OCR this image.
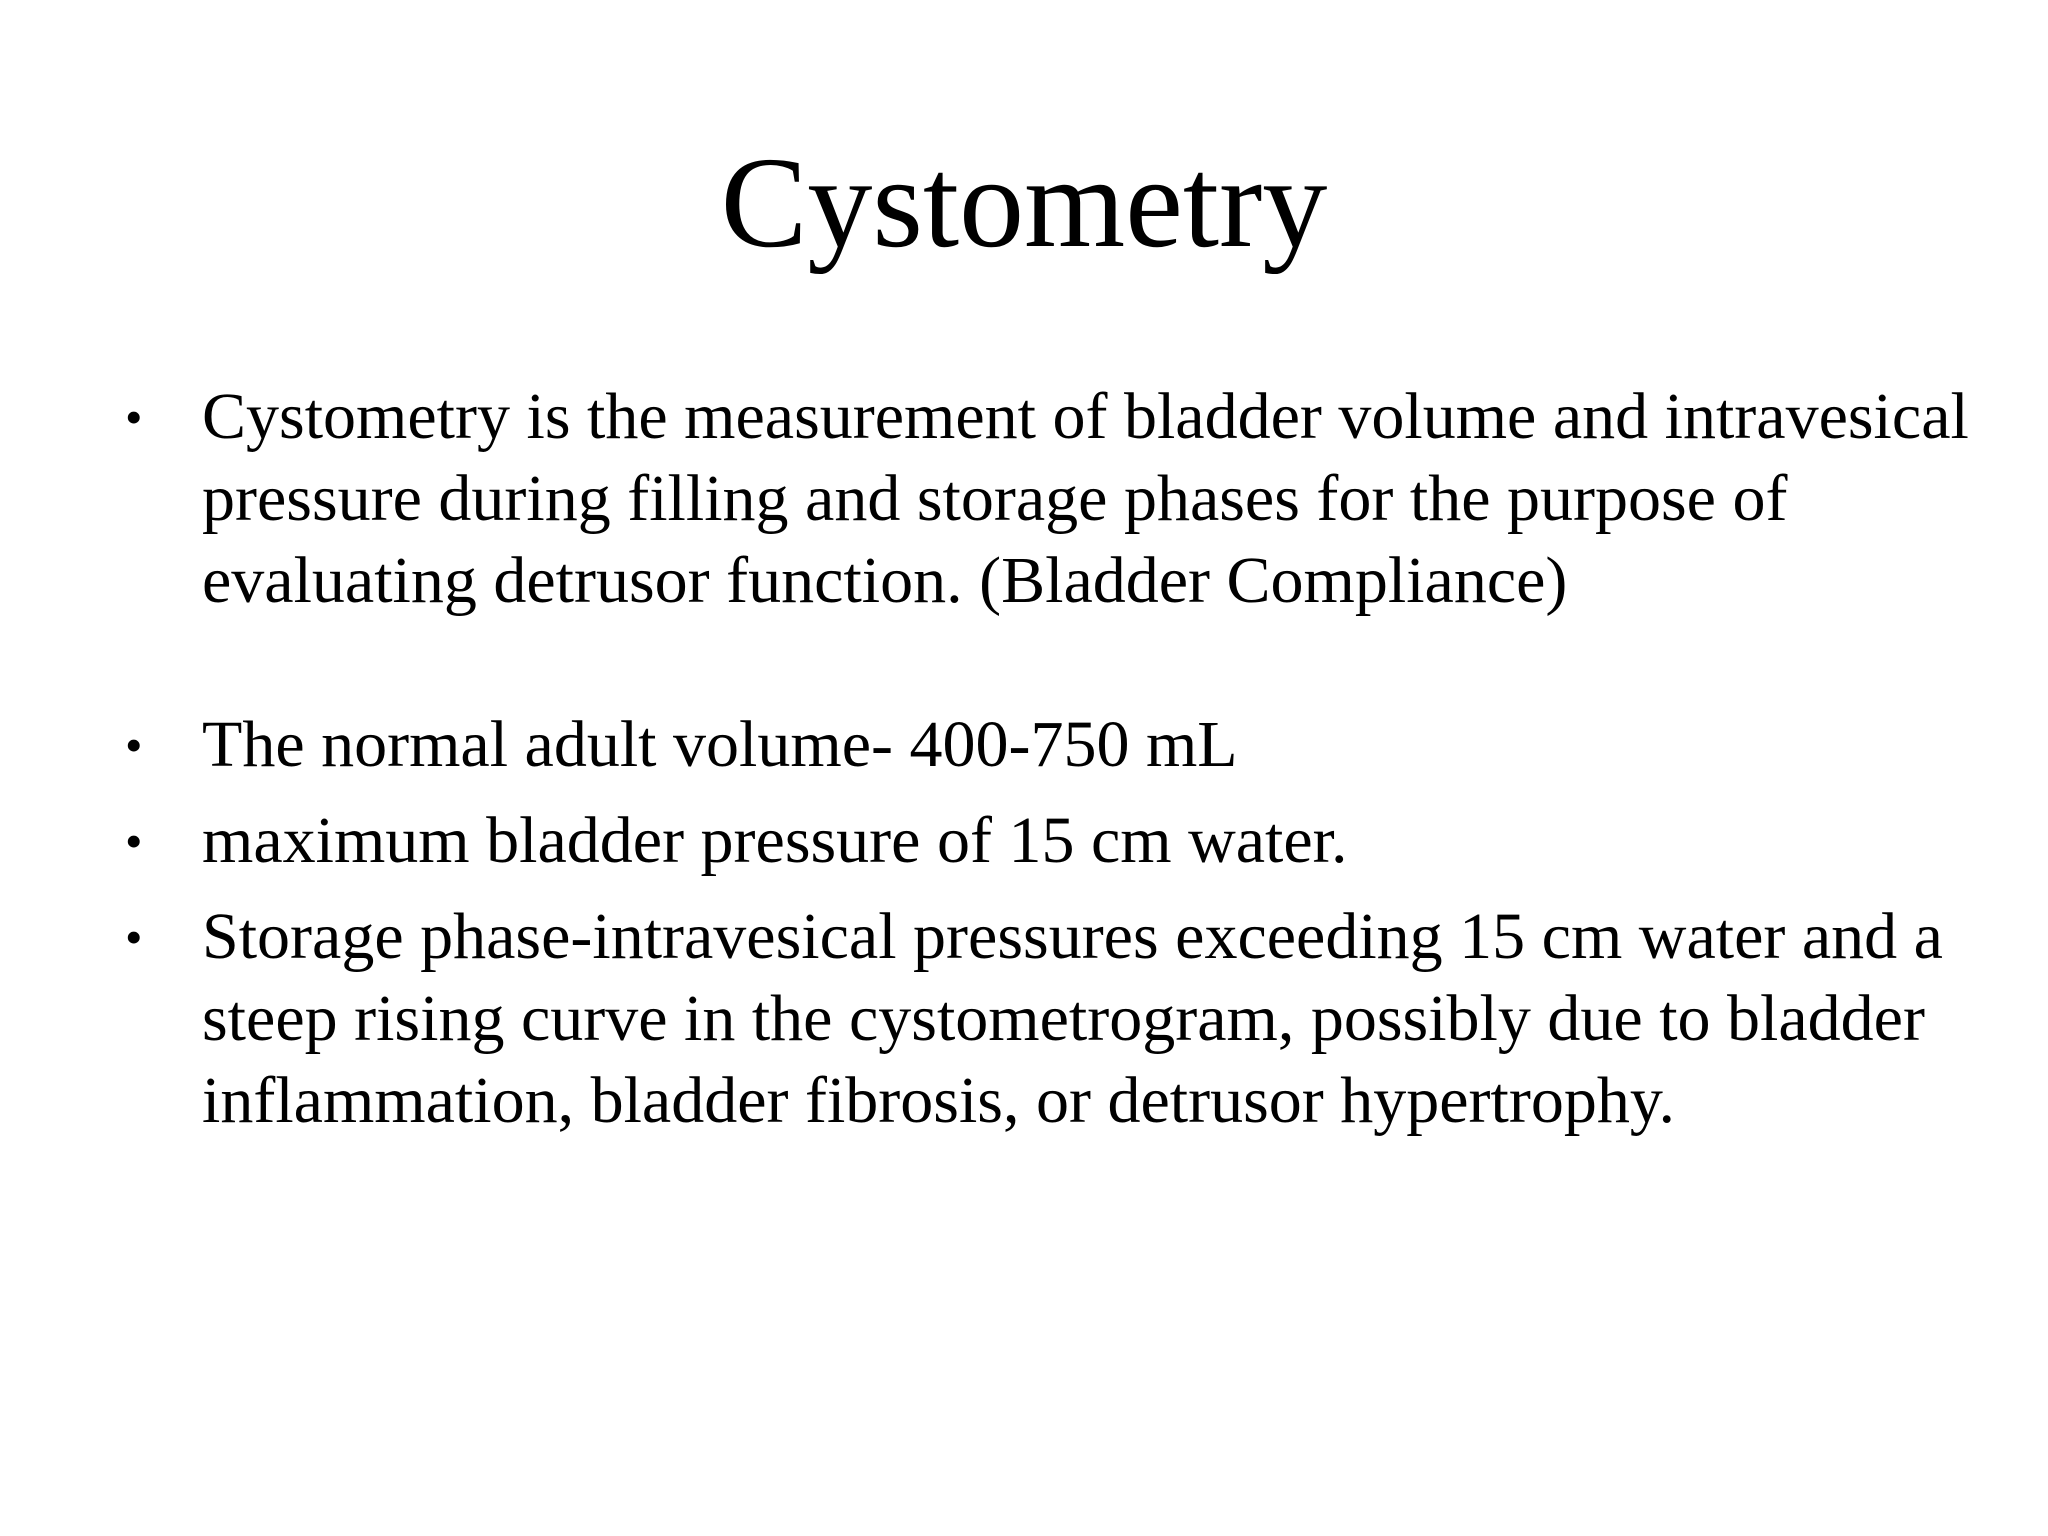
Cystometry
• Cystometry is the measurement of bladder volume and intravesical pressure during filling and storage phases for the purpose of evaluating detrusor function. (Bladder Compliance)
• The normal adult volume- 400-750 mL
• maximum bladder pressure of 15 cm water.
• Storage phase-intravesical pressures exceeding 15 cm water and a steep rising curve in the cystometrogram, possibly due to bladder inflammation, bladder fibrosis, or detrusor hypertrophy.
